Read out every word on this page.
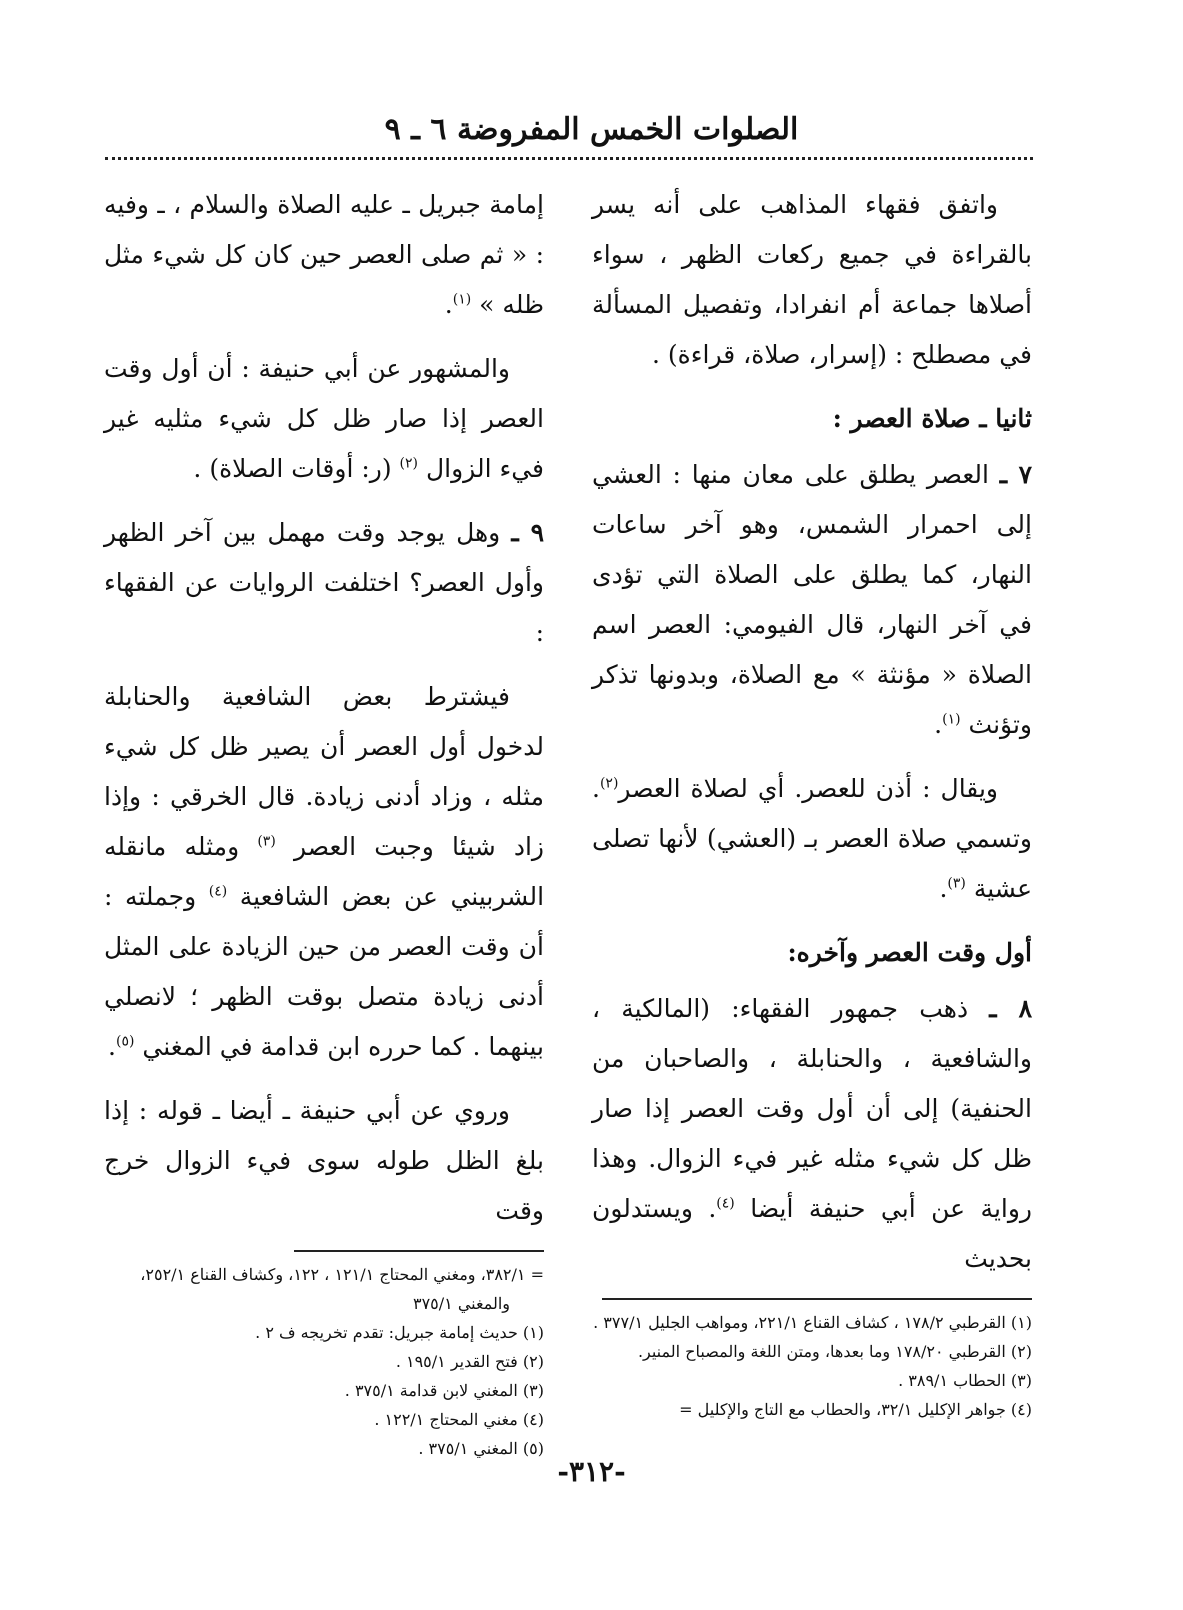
الصلوات الخمس المفروضة ٦ ـ ٩

واتفق فقهاء المذاهب على أنه يسر بالقراءة في جميع ركعات الظهر ، سواء أصلاها جماعة أم انفرادا، وتفصيل المسألة في مصطلح : (إسرار، صلاة، قراءة) .

ثانيا ـ صلاة العصر :

٧ ـ العصر يطلق على معان منها : العشي إلى احمرار الشمس، وهو آخر ساعات النهار، كما يطلق على الصلاة التي تؤدى في آخر النهار، قال الفيومي: العصر اسم الصلاة « مؤنثة » مع الصلاة، وبدونها تذكر وتؤنث $^{(١)}$.

ويقال : أذن للعصر. أي لصلاة العصر$^{(٢)}$. وتسمي صلاة العصر بـ (العشي) لأنها تصلى عشية $^{(٣)}$.

أول وقت العصر وآخره:

٨ ـ ذهب جمهور الفقهاء: (المالكية ، والشافعية ، والحنابلة ، والصاحبان من الحنفية) إلى أن أول وقت العصر إذا صار ظل كل شيء مثله غير فيء الزوال. وهذا رواية عن أبي حنيفة أيضا $^{(٤)}$. ويستدلون بحديث

(١) القرطبي ١٧٨/٢ ، كشاف القناع ٢٢١/١، ومواهب الجليل ٣٧٧/١ .

(٢) القرطبي ١٧٨/٢٠ وما بعدها، ومتن اللغة والمصباح المنير.

(٣) الحطاب ٣٨٩/١ .

(٤) جواهر الإكليل ٣٢/١، والحطاب مع التاج والإكليل =

إمامة جبريل ـ عليه الصلاة والسلام ، ـ وفيه : « ثم صلى العصر حين كان كل شيء مثل ظله » $^{(١)}$.

والمشهور عن أبي حنيفة : أن أول وقت العصر إذا صار ظل كل شيء مثليه غير فيء الزوال $^{(٢)}$ (ر: أوقات الصلاة) .

٩ ـ وهل يوجد وقت مهمل بين آخر الظهر وأول العصر؟ اختلفت الروايات عن الفقهاء :

فيشترط بعض الشافعية والحنابلة لدخول أول العصر أن يصير ظل كل شيء مثله ، وزاد أدنى زيادة. قال الخرقي : وإذا زاد شيئا وجبت العصر $^{(٣)}$ ومثله مانقله الشربيني عن بعض الشافعية $^{(٤)}$ وجملته : أن وقت العصر من حين الزيادة على المثل أدنى زيادة متصل بوقت الظهر ؛ لانصلي بينهما . كما حرره ابن قدامة في المغني $^{(٥)}$.

وروي عن أبي حنيفة ـ أيضا ـ قوله : إذا بلغ الظل طوله سوى فيء الزوال خرج وقت

= ٣٨٢/١، ومغني المحتاج ١٢١/١ ، ١٢٢، وكشاف القناع ٢٥٢/١، والمغني ٣٧٥/١

(١) حديث إمامة جبريل: تقدم تخريجه ف ٢ .

(٢) فتح القدير ١٩٥/١ .

(٣) المغني لابن قدامة ٣٧٥/١ .

(٤) مغني المحتاج ١٢٢/١ .

(٥) المغني ٣٧٥/١ .

-٣١٢-
